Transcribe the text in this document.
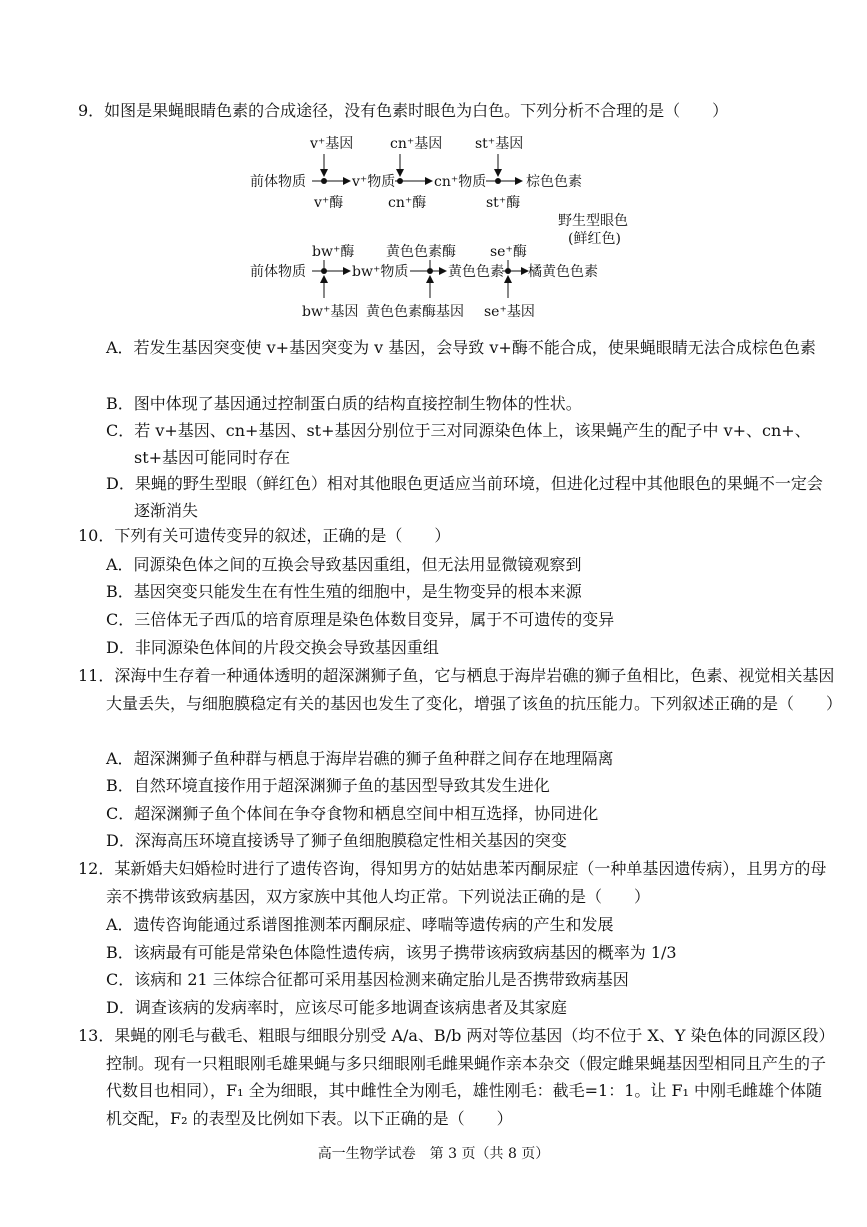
9．如图是果蝇眼睛色素的合成途径，没有色素时眼色为白色。下列分析不合理的是（　　）
v⁺基因	cn⁺基因 st⁺基因
前体物质	v⁺物质	cn⁺物质	棕色色素
v⁺酶	cn⁺酶	st⁺酶
野生型眼色
(鲜红色)
bw⁺酶 黄色色素酶 se⁺酶
前体物质	bw⁺物质	黄色色素 橘黄色色素
bw⁺基因 黄色色素酶基因 se⁺基因
A．若发生基因突变使 v+基因突变为 v 基因，会导致 v+酶不能合成，使果蝇眼睛无法合成棕色色素
B．图中体现了基因通过控制蛋白质的结构直接控制生物体的性状。
C．若 v+基因、cn+基因、st+基因分别位于三对同源染色体上，该果蝇产生的配子中 v+、cn+、st+基因可能同时存在
D．果蝇的野生型眼（鲜红色）相对其他眼色更适应当前环境，但进化过程中其他眼色的果蝇不一定会逐渐消失
10．下列有关可遗传变异的叙述，正确的是（　　）
A．同源染色体之间的互换会导致基因重组，但无法用显微镜观察到
B．基因突变只能发生在有性生殖的细胞中，是生物变异的根本来源
C．三倍体无子西瓜的培育原理是染色体数目变异，属于不可遗传的变异
D．非同源染色体间的片段交换会导致基因重组
11．深海中生存着一种通体透明的超深渊狮子鱼，它与栖息于海岸岩礁的狮子鱼相比，色素、视觉相关基因大量丢失，与细胞膜稳定有关的基因也发生了变化，增强了该鱼的抗压能力。下列叙述正确的是（　　）
A．超深渊狮子鱼种群与栖息于海岸岩礁的狮子鱼种群之间存在地理隔离
B．自然环境直接作用于超深渊狮子鱼的基因型导致其发生进化
C．超深渊狮子鱼个体间在争夺食物和栖息空间中相互选择，协同进化
D．深海高压环境直接诱导了狮子鱼细胞膜稳定性相关基因的突变
12．某新婚夫妇婚检时进行了遗传咨询，得知男方的姑姑患苯丙酮尿症（一种单基因遗传病），且男方的母亲不携带该致病基因，双方家族中其他人均正常。下列说法正确的是（　　）
A．遗传咨询能通过系谱图推测苯丙酮尿症、哮喘等遗传病的产生和发展
B．该病最有可能是常染色体隐性遗传病，该男子携带该病致病基因的概率为 1/3
C．该病和 21 三体综合征都可采用基因检测来确定胎儿是否携带致病基因
D．调查该病的发病率时，应该尽可能多地调查该病患者及其家庭
13．果蝇的刚毛与截毛、粗眼与细眼分别受 A/a、B/b 两对等位基因（均不位于 X、Y 染色体的同源区段）控制。现有一只粗眼刚毛雄果蝇与多只细眼刚毛雌果蝇作亲本杂交（假定雌果蝇基因型相同且产生的子代数目也相同），F₁ 全为细眼，其中雌性全为刚毛，雄性刚毛：截毛=1：1。让 F₁ 中刚毛雌雄个体随机交配，F₂ 的表型及比例如下表。以下正确的是（　　）
高一生物学试卷　第 3 页（共 8 页）
